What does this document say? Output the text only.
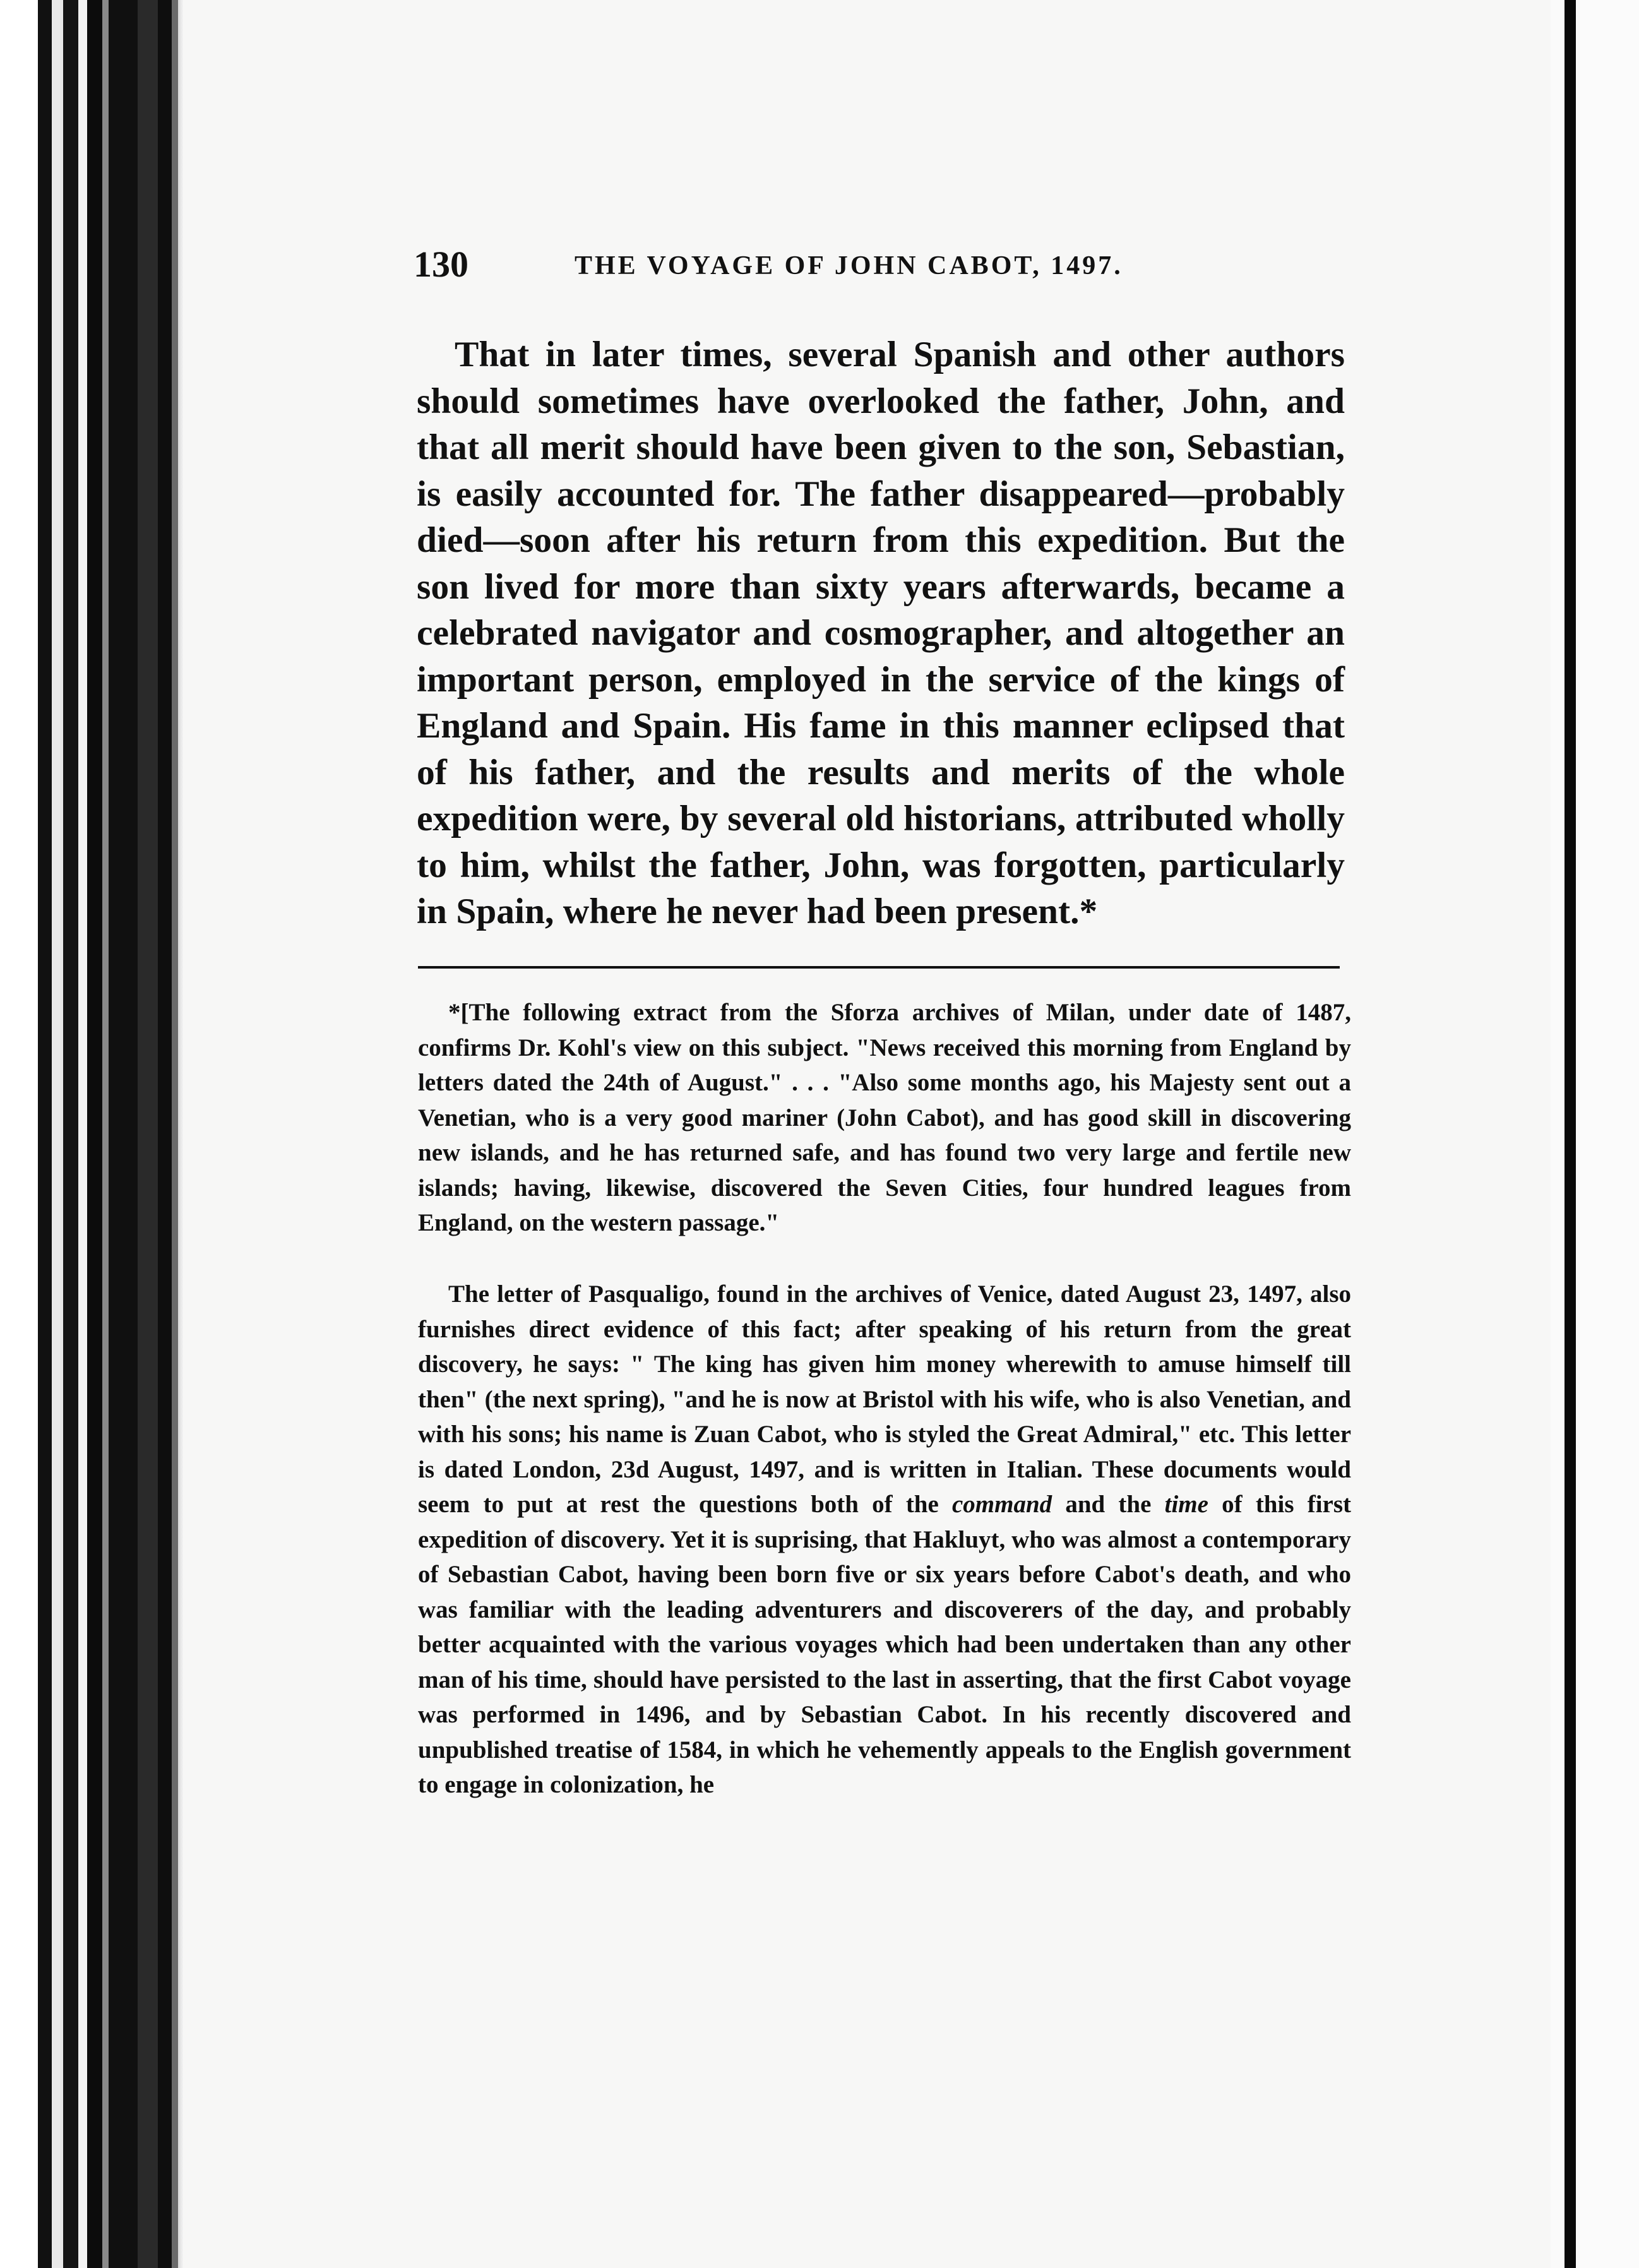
130	THE VOYAGE OF JOHN CABOT, 1497.

That in later times, several Spanish and other authors should sometimes have overlooked the father, John, and that all merit should have been given to the son, Sebastian, is easily accounted for. The father disappeared—probably died—soon after his return from this expedition. But the son lived for more than sixty years afterwards, became a celebrated navigator and cosmographer, and altogether an important person, employed in the service of the kings of England and Spain. His fame in this manner eclipsed that of his father, and the results and merits of the whole expedition were, by several old historians, attributed wholly to him, whilst the father, John, was forgotten, particularly in Spain, where he never had been present.*

*[The following extract from the Sforza archives of Milan, under date of 1487, confirms Dr. Kohl's view on this subject. "News received this morning from England by letters dated the 24th of August." . . . "Also some months ago, his Majesty sent out a Venetian, who is a very good mariner (John Cabot), and has good skill in discovering new islands, and he has returned safe, and has found two very large and fertile new islands; having, likewise, discovered the Seven Cities, four hundred leagues from England, on the western passage."

The letter of Pasqualigo, found in the archives of Venice, dated August 23, 1497, also furnishes direct evidence of this fact; after speaking of his return from the great discovery, he says: " The king has given him money wherewith to amuse himself till then" (the next spring), "and he is now at Bristol with his wife, who is also Venetian, and with his sons; his name is Zuan Cabot, who is styled the Great Admiral," etc. This letter is dated London, 23d August, 1497, and is written in Italian. These documents would seem to put at rest the questions both of the command and the time of this first expedition of discovery. Yet it is suprising, that Hakluyt, who was almost a contemporary of Sebastian Cabot, having been born five or six years before Cabot's death, and who was familiar with the leading adventurers and discoverers of the day, and probably better acquainted with the various voyages which had been undertaken than any other man of his time, should have persisted to the last in asserting, that the first Cabot voyage was performed in 1496, and by Sebastian Cabot. In his recently discovered and unpublished treatise of 1584, in which he vehemently appeals to the English government to engage in colonization, he
